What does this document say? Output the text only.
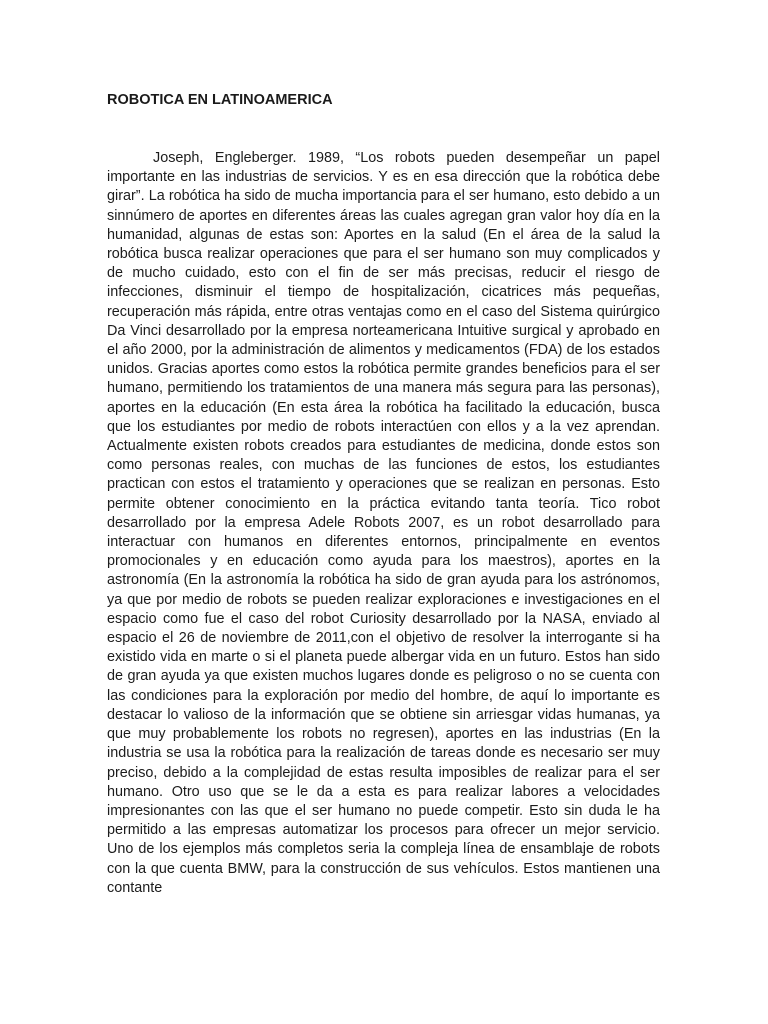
ROBOTICA EN LATINOAMERICA

Joseph, Engleberger. 1989, “Los robots pueden desempeñar un papel importante en las industrias de servicios. Y es en esa dirección que la robótica debe girar”. La robótica ha sido de mucha importancia para el ser humano, esto debido a un sinnúmero de aportes en diferentes áreas las cuales agregan gran valor hoy día en la humanidad, algunas de estas son: Aportes en la salud (En el área de la salud la robótica busca realizar operaciones que para el ser humano son muy complicados y de mucho cuidado, esto con el fin de ser más precisas, reducir el riesgo de infecciones, disminuir el tiempo de hospitalización, cicatrices más pequeñas, recuperación más rápida, entre otras ventajas como en el caso del Sistema quirúrgico Da Vinci desarrollado por la empresa norteamericana Intuitive surgical y aprobado en el año 2000, por la administración de alimentos y medicamentos (FDA) de los estados unidos. Gracias aportes como estos la robótica permite grandes beneficios para el ser humano, permitiendo los tratamientos de una manera más segura para las personas), aportes en la educación (En esta área la robótica ha facilitado la educación, busca que los estudiantes por medio de robots interactúen con ellos y a la vez aprendan. Actualmente existen robots creados para estudiantes de medicina, donde estos son como personas reales, con muchas de las funciones de estos, los estudiantes practican con estos el tratamiento y operaciones que se realizan en personas. Esto permite obtener conocimiento en la práctica evitando tanta teoría. Tico robot desarrollado por la empresa Adele Robots 2007, es un robot desarrollado para interactuar con humanos en diferentes entornos, principalmente en eventos promocionales y en educación como ayuda para los maestros), aportes en la astronomía (En la astronomía la robótica ha sido de gran ayuda para los astrónomos, ya que por medio de robots se pueden realizar exploraciones e investigaciones en el espacio como fue el caso del robot Curiosity desarrollado por la NASA, enviado al espacio el 26 de noviembre de 2011,con el objetivo de resolver la interrogante si ha existido vida en marte o si el planeta puede albergar vida en un futuro. Estos han sido de gran ayuda ya que existen muchos lugares donde es peligroso o no se cuenta con las condiciones para la exploración por medio del hombre, de aquí lo importante es destacar lo valioso de la información que se obtiene sin arriesgar vidas humanas, ya que muy probablemente los robots no regresen), aportes en las industrias (En la industria se usa la robótica para la realización de tareas donde es necesario ser muy preciso, debido a la complejidad de estas resulta imposibles de realizar para el ser humano. Otro uso que se le da a esta es para realizar labores a velocidades impresionantes con las que el ser humano no puede competir. Esto sin duda le ha permitido a las empresas automatizar los procesos para ofrecer un mejor servicio. Uno de los ejemplos más completos seria la compleja línea de ensamblaje de robots con la que cuenta BMW, para la construcción de sus vehículos. Estos mantienen una contante
